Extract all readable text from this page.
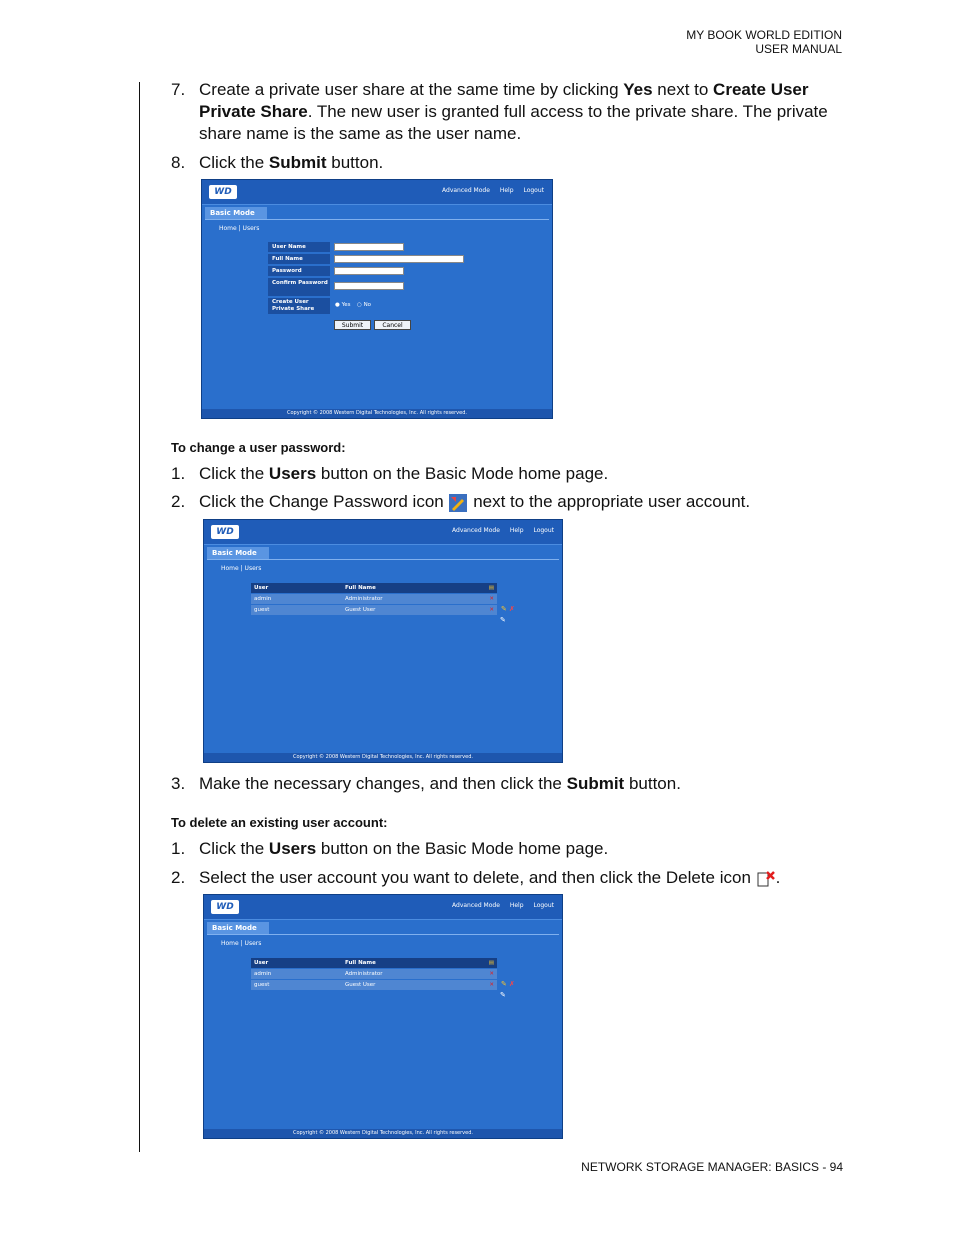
MY BOOK WORLD EDITION
USER MANUAL
7. Create a private user share at the same time by clicking Yes next to Create User Private Share. The new user is granted full access to the private share. The private share name is the same as the user name.
8. Click the Submit button.
WD	Advanced Mode Help Logout
Basic Mode
Home | Users
User Name
Full Name
Password
Confirm Password
Create User Private Share
● Yes ○ No
Submit	Cancel
Copyright © 2008 Western Digital Technologies, Inc. All rights reserved.
To change a user password:
1. Click the Users button on the Basic Mode home page.
2. Click the Change Password icon  next to the appropriate user account.
WD	Advanced Mode Help Logout
Basic Mode
Home | Users
User	Full Name	▤
admin	Administrator	✕
guest	Guest User	✕ ✎ ✗
✎
Copyright © 2008 Western Digital Technologies, Inc. All rights reserved.
3. Make the necessary changes, and then click the Submit button.
To delete an existing user account:
1. Click the Users button on the Basic Mode home page.
2. Select the user account you want to delete, and then click the Delete icon .
WD	Advanced Mode Help Logout
Basic Mode
Home | Users
User	Full Name	▤
admin	Administrator	✕
guest	Guest User	✕ ✎ ✗
✎
Copyright © 2008 Western Digital Technologies, Inc. All rights reserved.
NETWORK STORAGE MANAGER: BASICS - 94
